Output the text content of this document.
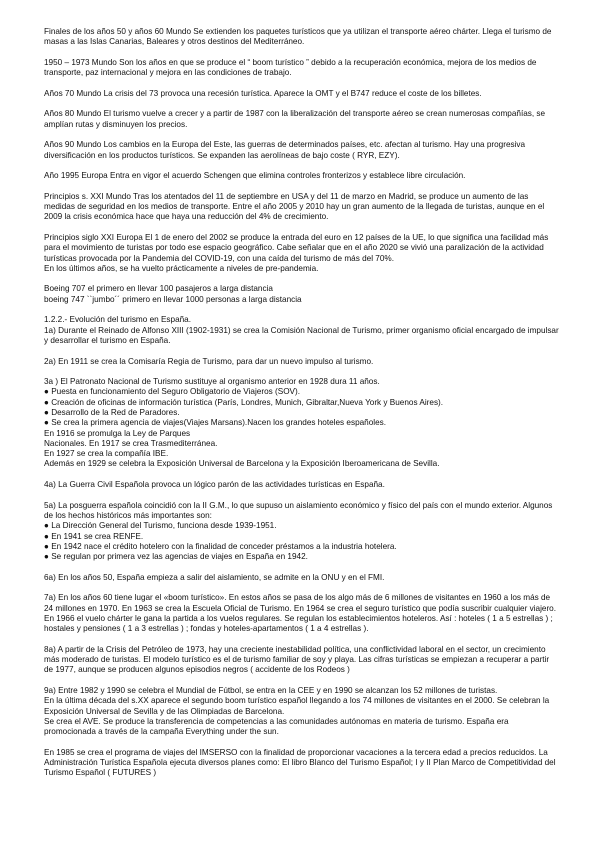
Finales de los años 50 y años 60 Mundo Se extienden los paquetes turísticos que ya utilizan el transporte aéreo chárter. Llega el turismo de masas a las Islas Canarias, Baleares y otros destinos del Mediterráneo.
1950 – 1973 Mundo Son los años en que se produce el “ boom turístico ” debido a la recuperación económica, mejora de los medios de transporte, paz internacional y mejora en las condiciones de trabajo.
Años 70 Mundo La crisis del 73 provoca una recesión turística. Aparece la OMT y el B747 reduce el coste de los billetes.
Años 80 Mundo El turismo vuelve a crecer y a partir de 1987 con la liberalización del transporte aéreo se crean numerosas compañías, se amplían rutas y disminuyen los precios.
Años 90 Mundo Los cambios en la Europa del Este, las guerras de determinados países, etc. afectan al turismo. Hay una progresiva diversificación en los productos turísticos. Se expanden las aerolíneas de bajo coste ( RYR, EZY).
Año 1995 Europa Entra en vigor el acuerdo Schengen que elimina controles fronterizos y establece libre circulación.
Principios s. XXI Mundo Tras los atentados del 11 de septiembre en USA y del 11 de marzo en Madrid, se produce un aumento de las medidas de seguridad en los medios de transporte. Entre el año 2005 y 2010 hay un gran aumento de la llegada de turistas, aunque en el 2009 la crisis económica hace que haya una reducción del 4% de crecimiento.
Principios siglo XXI Europa El 1 de enero del 2002 se produce la entrada del euro en 12 países de la UE, lo que significa una facilidad más para el movimiento de turistas por todo ese espacio geográfico. Cabe señalar que en el año 2020 se vivió una paralización de la actividad turísticas provocada por la Pandemia del COVID-19, con una caída del turismo de más del 70%.
En los últimos años, se ha vuelto prácticamente a niveles de pre-pandemia.
Boeing 707 el primero en llevar 100 pasajeros a larga distancia
boeing 747 ``jumbo´´ primero en llevar 1000 personas a larga distancia
1.2.2.- Evolución del turismo en España.
1a) Durante el Reinado de Alfonso XIII (1902-1931) se crea la Comisión Nacional de Turismo, primer organismo oficial encargado de impulsar y desarrollar el turismo en España.
2a) En 1911 se crea la Comisaría Regia de Turismo, para dar un nuevo impulso al turismo.
3a ) El Patronato Nacional de Turismo sustituye al organismo anterior en 1928 dura 11 años.
● Puesta en funcionamiento del Seguro Obligatorio de Viajeros (SOV).
● Creación de oficinas de información turística (París, Londres, Munich, Gibraltar,Nueva York y Buenos Aires).
● Desarrollo de la Red de Paradores.
● Se crea la primera agencia de viajes(Viajes Marsans).Nacen los grandes hoteles españoles.
En 1916 se promulga la Ley de Parques
Nacionales. En 1917 se crea Trasmediterránea.
En 1927 se crea la compañía IBE.
Además en 1929 se celebra la Exposición Universal de Barcelona y la Exposición Iberoamericana de Sevilla.
4a) La Guerra Civil Española provoca un lógico parón de las actividades turísticas en España.
5a) La posguerra española coincidió con la II G.M., lo que supuso un aislamiento económico y físico del país con el mundo exterior. Algunos de los hechos históricos más importantes son:
● La Dirección General del Turismo, funciona desde 1939-1951.
● En 1941 se crea RENFE.
● En 1942 nace el crédito hotelero con la finalidad de conceder préstamos a la industria hotelera.
● Se regulan por primera vez las agencias de viajes en España en 1942.
6a) En los años 50, España empieza a salir del aislamiento, se admite en la ONU y en el FMI.
7a) En los años 60 tiene lugar el «boom turístico». En estos años se pasa de los algo más de 6 millones de visitantes en 1960 a los más de 24 millones en 1970. En 1963 se crea la Escuela Oficial de Turismo. En 1964 se crea el seguro turístico que podía suscribir cualquier viajero. En 1966 el vuelo chárter le gana la partida a los vuelos regulares. Se regulan los establecimientos hoteleros. Así : hoteles ( 1 a 5 estrellas ) ; hostales y pensiones ( 1 a 3 estrellas ) ; fondas y hoteles-apartamentos ( 1 a 4 estrellas ).
8a) A partir de la Crisis del Petróleo de 1973, hay una creciente inestabilidad política, una conflictividad laboral en el sector, un crecimiento más moderado de turistas. El modelo turístico es el de turismo familiar de soy y playa. Las cifras turísticas se empiezan a recuperar a partir de 1977, aunque se producen algunos episodios negros ( accidente de los Rodeos )
9a) Entre 1982 y 1990 se celebra el Mundial de Fútbol, se entra en la CEE y en 1990 se alcanzan los 52 millones de turistas.
En la última década del s.XX aparece el segundo boom turístico español llegando a los 74 millones de visitantes en el 2000. Se celebran la Exposición Universal de Sevilla y de las Olimpiadas de Barcelona.
Se crea el AVE. Se produce la transferencia de competencias a las comunidades autónomas en materia de turismo. España era promocionada a través de la campaña Everything under the sun.
En 1985 se crea el programa de viajes del IMSERSO con la finalidad de proporcionar vacaciones a la tercera edad a precios reducidos. La Administración Turística Española ejecuta diversos planes como: El libro Blanco del Turismo Español; I y II Plan Marco de Competitividad del Turismo Español ( FUTURES )
